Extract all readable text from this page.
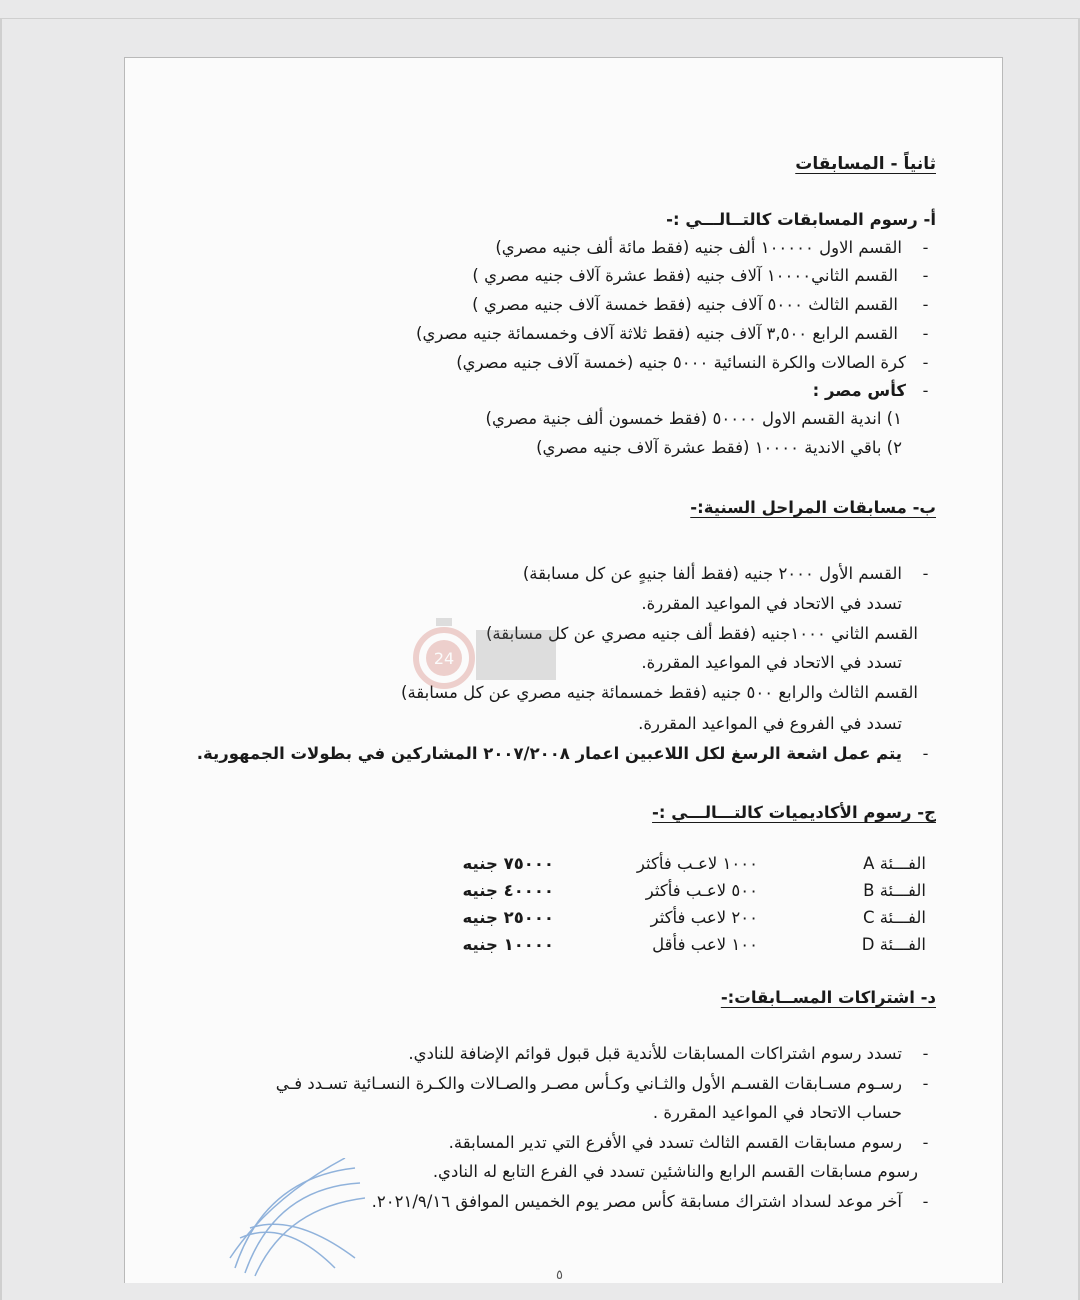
ثانياً - المسابقات
أ- رسوم المسابقات كالتــالـــي :-
القسم الاول ١٠٠٠٠٠ ألف جنيه (فقط مائة ألف جنيه مصري) -
القسم الثاني١٠٠٠٠ آلاف جنيه (فقط عشرة آلاف جنيه مصري ) -
القسم الثالث ٥٠٠٠ آلاف جنيه (فقط خمسة آلاف جنيه مصري ) -
القسم الرابع ٣,٥٠٠ آلاف جنيه (فقط ثلاثة آلاف وخمسمائة جنيه مصري) -
كرة الصالات والكرة النسائية ٥٠٠٠ جنيه (خمسة آلاف جنيه مصري) -
كأس مصر : -
١) اندية القسم الاول ٥٠٠٠٠ (فقط خمسون ألف جنية مصري)
٢) باقي الاندية ١٠٠٠٠ (فقط عشرة آلاف جنيه مصري)
ب- مسابقات المراحل السنية:-
القسم الأول ٢٠٠٠ جنيه (فقط ألفا جنيهٍ عن كل مسابقة) -
تسدد في الاتحاد في المواعيد المقررة.
القسم الثاني ١٠٠٠جنيه (فقط ألف جنيه مصري عن كل مسابقة)
تسدد في الاتحاد في المواعيد المقررة.
القسم الثالث والرابع ٥٠٠ جنيه (فقط خمسمائة جنيه مصري عن كل مسابقة)
تسدد في الفروع في المواعيد المقررة.
يتم عمل اشعة الرسغ لكل اللاعبين اعمار ٢٠٠٧/٢٠٠٨ المشاركين في بطولات الجمهورية. -
ج- رسوم الأكاديميات كالتـــالـــي :-
الفـــئة A
١٠٠٠ لاعـب فأكثر
٧٥٠٠٠ جنيه
الفـــئة B
٥٠٠ لاعـب فأكثر
٤٠٠٠٠ جنيه
الفـــئة C
٢٠٠ لاعب فأكثر
٢٥٠٠٠ جنيه
الفـــئة D
١٠٠ لاعب فأقل
١٠٠٠٠ جنيه
د- اشتراكات المســابقات:-
تسدد رسوم اشتراكات المسابقات للأندية قبل قبول قوائم الإضافة للنادي. -
رسـوم مسـابقات القسـم الأول والثـاني وكـأس مصـر والصـالات والكـرة النسـائية تسـدد فـي -
حساب الاتحاد في المواعيد المقررة .
رسوم مسابقات القسم الثالث تسدد في الأفرع التي تدير المسابقة. -
رسوم مسابقات القسم الرابع والناشئين تسدد في الفرع التابع له النادي.
آخر موعد لسداد اشتراك مسابقة كأس مصر يوم الخميس الموافق ٢٠٢١/٩/١٦. -
24
٥
